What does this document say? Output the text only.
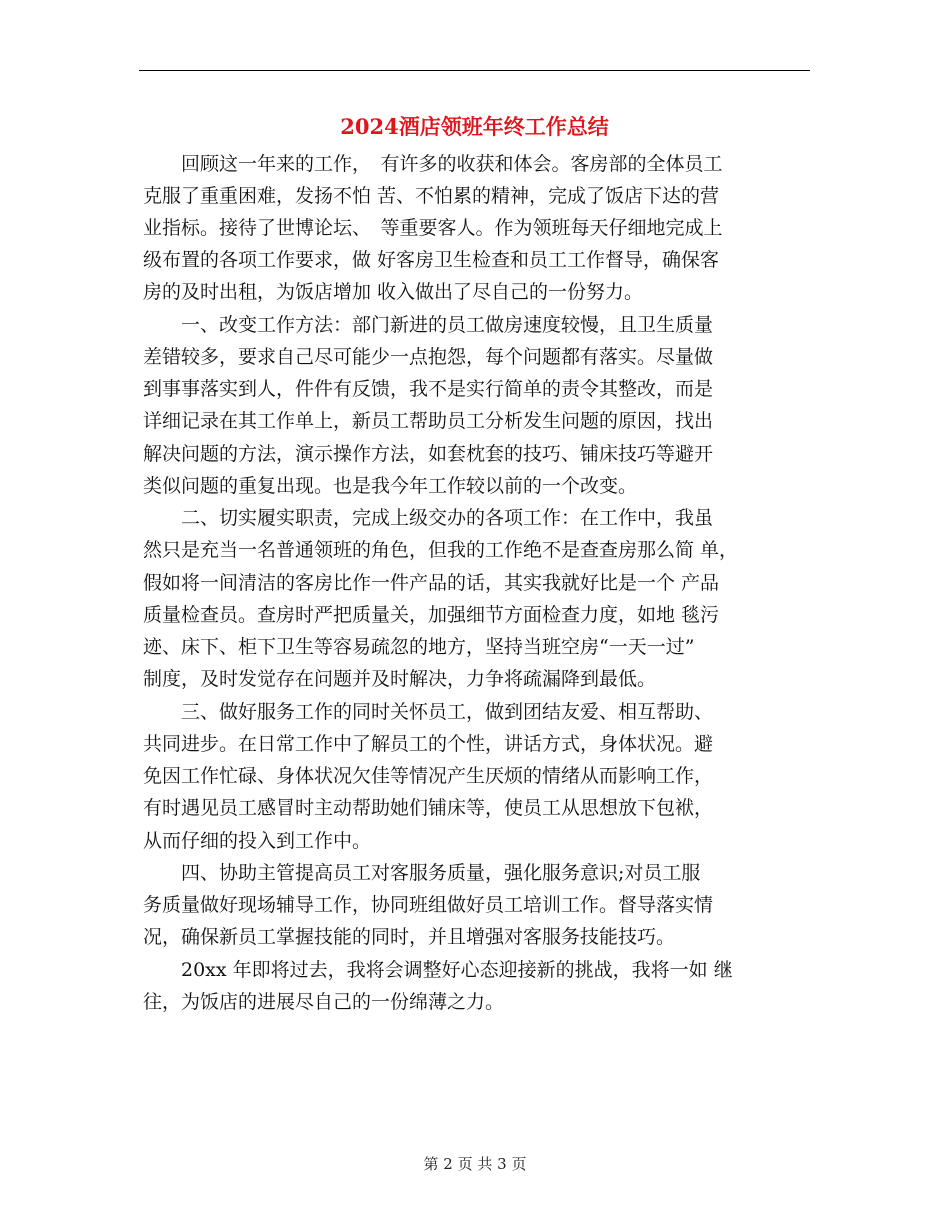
2024酒店领班年终工作总结
　　回顾这一年来的工作，　有许多的收获和体会。客房部的全体员工
克服了重重困难，发扬不怕 苦、不怕累的精神，完成了饭店下达的营
业指标。接待了世博论坛、　等重要客人。作为领班每天仔细地完成上
级布置的各项工作要求，做 好客房卫生检查和员工工作督导，确保客
房的及时出租，为饭店增加 收入做出了尽自己的一份努力。
　　一、改变工作方法：部门新进的员工做房速度较慢，且卫生质量
差错较多，要求自己尽可能少一点抱怨，每个问题都有落实。尽量做
到事事落实到人，件件有反馈，我不是实行简单的责令其整改，而是
详细记录在其工作单上，新员工帮助员工分析发生问题的原因，找出
解决问题的方法，演示操作方法，如套枕套的技巧、铺床技巧等避开
类似问题的重复出现。也是我今年工作较以前的一个改变。
　　二、切实履实职责，完成上级交办的各项工作：在工作中，我虽
然只是充当一名普通领班的角色，但我的工作绝不是查查房那么简 单，
假如将一间清洁的客房比作一件产品的话，其实我就好比是一个 产品
质量检查员。查房时严把质量关，加强细节方面检查力度，如地 毯污
迹、床下、柜下卫生等容易疏忽的地方，坚持当班空房“一天一过”
制度，及时发觉存在问题并及时解决，力争将疏漏降到最低。
　　三、做好服务工作的同时关怀员工，做到团结友爱、相互帮助、
共同进步。在日常工作中了解员工的个性，讲话方式，身体状况。避
免因工作忙碌、身体状况欠佳等情况产生厌烦的情绪从而影响工作，
有时遇见员工感冒时主动帮助她们铺床等，使员工从思想放下包袱，
从而仔细的投入到工作中。
　　四、协助主管提高员工对客服务质量，强化服务意识;对员工服
务质量做好现场辅导工作，协同班组做好员工培训工作。督导落实情
况，确保新员工掌握技能的同时，并且增强对客服务技能技巧。
　　20xx 年即将过去，我将会调整好心态迎接新的挑战，我将一如 继
往，为饭店的进展尽自己的一份绵薄之力。
第 2 页 共 3 页
